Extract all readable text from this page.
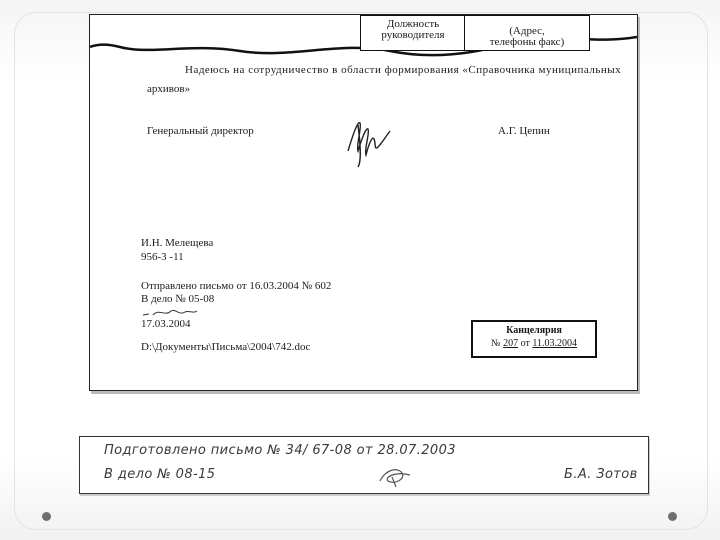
Должность руководителя	(Адрес, телефоны факс)
Надеюсь на сотрудничество в области формирования «Справочника муниципальных
архивов»
Генеральный директор	А.Г. Цепин
И.Н. Мелещева
956-3 -11
Отправлено письмо от 16.03.2004 № 602
В дело № 05-08
17.03.2004
D:\Документы\Письма\2004\742.doc
Канцелярия
№ 207 от 11.03.2004
Подготовлено письмо № 34/ 67-08 от 28.07.2003
В дело № 08-15	Б.А. Зотов
